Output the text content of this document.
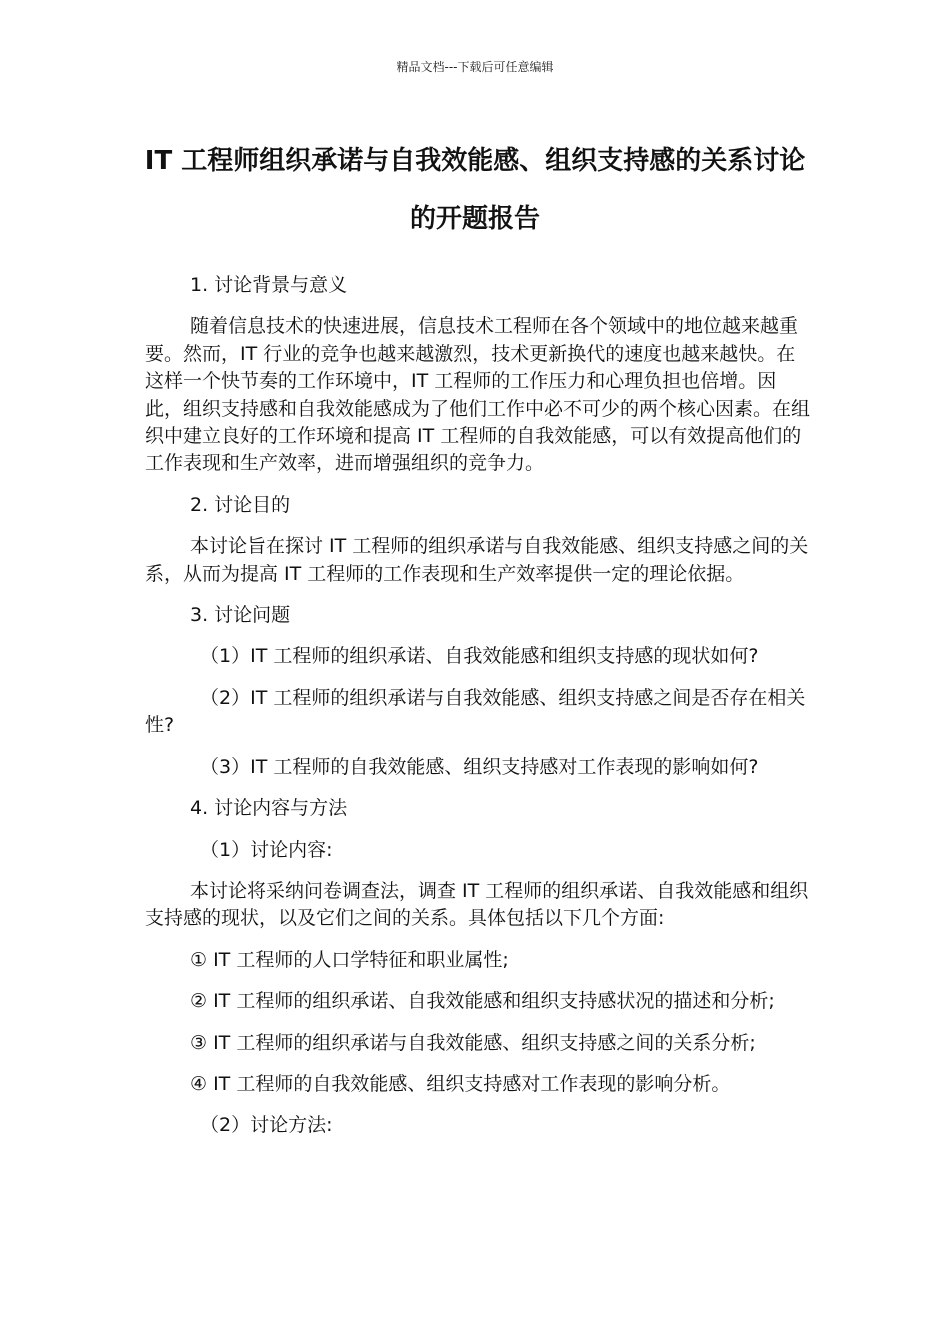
精品文档---下载后可任意编辑
IT 工程师组织承诺与自我效能感、组织支持感的关系讨论的开题报告

1. 讨论背景与意义

随着信息技术的快速进展，信息技术工程师在各个领域中的地位越来越重要。然而，IT 行业的竞争也越来越激烈，技术更新换代的速度也越来越快。在这样一个快节奏的工作环境中，IT 工程师的工作压力和心理负担也倍增。因此，组织支持感和自我效能感成为了他们工作中必不可少的两个核心因素。在组织中建立良好的工作环境和提高 IT 工程师的自我效能感，可以有效提高他们的工作表现和生产效率，进而增强组织的竞争力。

2. 讨论目的

本讨论旨在探讨 IT 工程师的组织承诺与自我效能感、组织支持感之间的关系，从而为提高 IT 工程师的工作表现和生产效率提供一定的理论依据。

3. 讨论问题

（1）IT 工程师的组织承诺、自我效能感和组织支持感的现状如何?

（2）IT 工程师的组织承诺与自我效能感、组织支持感之间是否存在相关性?

（3）IT 工程师的自我效能感、组织支持感对工作表现的影响如何?

4. 讨论内容与方法

（1）讨论内容:

本讨论将采纳问卷调查法，调查 IT 工程师的组织承诺、自我效能感和组织支持感的现状，以及它们之间的关系。具体包括以下几个方面:

① IT 工程师的人口学特征和职业属性;

② IT 工程师的组织承诺、自我效能感和组织支持感状况的描述和分析;

③ IT 工程师的组织承诺与自我效能感、组织支持感之间的关系分析;

④ IT 工程师的自我效能感、组织支持感对工作表现的影响分析。

（2）讨论方法:
